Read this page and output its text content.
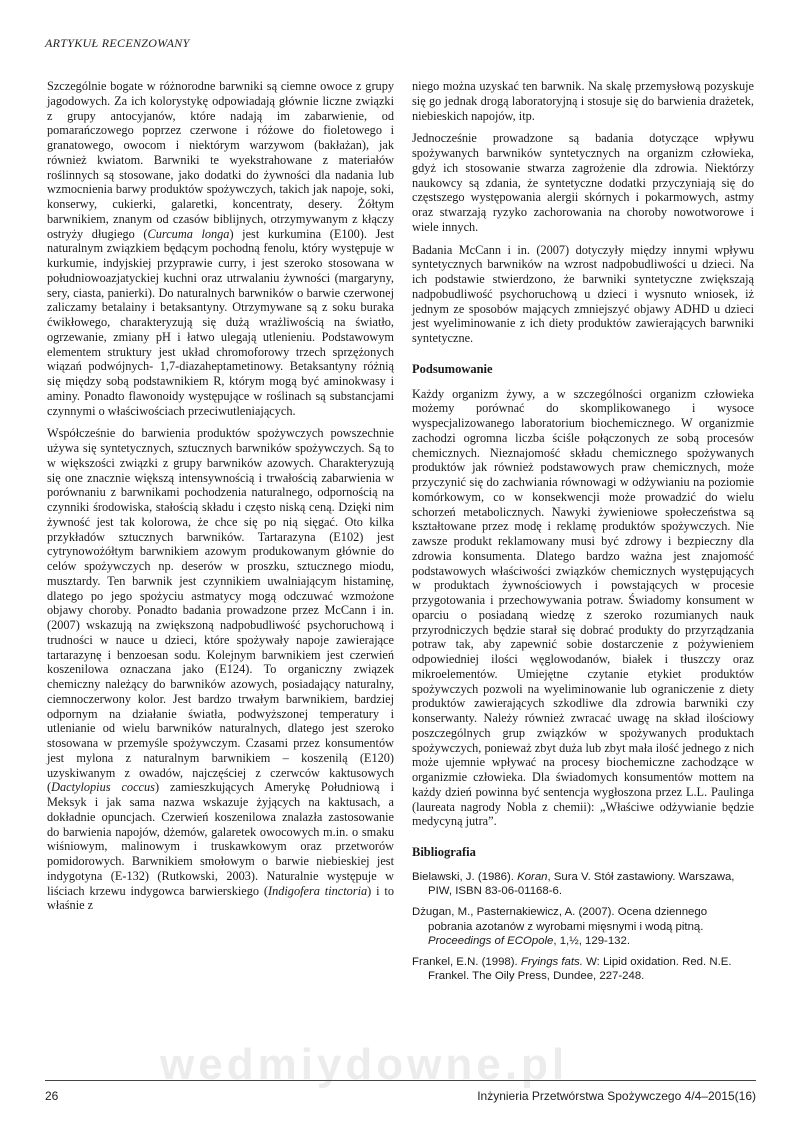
ARTYKUŁ RECENZOWANY

Szczególnie bogate w różnorodne barwniki są ciemne owoce z grupy jagodowych. Za ich kolorystykę odpowiadają głównie liczne związki z grupy antocyjanów, które nadają im zabarwienie, od pomarańczowego poprzez czerwone i różowe do fioletowego i granatowego, owocom i niektórym warzywom (bakłażan), jak również kwiatom. Barwniki te wyekstrahowane z materiałów roślinnych są stosowane, jako dodatki do żywności dla nadania lub wzmocnienia barwy produktów spożywczych, takich jak napoje, soki, konserwy, cukierki, galaretki, koncentraty, desery. Żółtym barwnikiem, znanym od czasów biblijnych, otrzymywanym z kłączy ostryży długiego (Curcuma longa) jest kurkumina (E100). Jest naturalnym związkiem będącym pochodną fenolu, który występuje w kurkumie, indyjskiej przyprawie curry, i jest szeroko stosowana w południowoazjatyckiej kuchni oraz utrwalaniu żywności (margaryny, sery, ciasta, panierki). Do naturalnych barwników o barwie czerwonej zaliczamy betalainy i betaksantyny. Otrzymywane są z soku buraka ćwikłowego, charakteryzują się dużą wrażliwością na światło, ogrzewanie, zmiany pH i łatwo ulegają utlenieniu. Podstawowym elementem struktury jest układ chromoforowy trzech sprzężonych wiązań podwójnych- 1,7-diazaheptametinowy. Betaksantyny różnią się między sobą podstawnikiem R, którym mogą być aminokwasy i aminy. Ponadto flawonoidy występujące w roślinach są substancjami czynnymi o właściwościach przeciwutleniających.

Współcześnie do barwienia produktów spożywczych powszechnie używa się syntetycznych, sztucznych barwników spożywczych. Są to w większości związki z grupy barwników azowych. Charakteryzują się one znacznie większą intensywnością i trwałością zabarwienia w porównaniu z barwnikami pochodzenia naturalnego, odpornością na czynniki środowiska, stałością składu i często niską ceną. Dzięki nim żywność jest tak kolorowa, że chce się po nią sięgać. Oto kilka przykładów sztucznych barwników. Tartarazyna (E102) jest cytrynowożółtym barwnikiem azowym produkowanym głównie do celów spożywczych np. deserów w proszku, sztucznego miodu, musztardy. Ten barwnik jest czynnikiem uwalniającym histaminę, dlatego po jego spożyciu astmatycy mogą odczuwać wzmożone objawy choroby. Ponadto badania prowadzone przez McCann i in. (2007) wskazują na zwiększoną nadpobudliwość psychoruchową i trudności w nauce u dzieci, które spożywały napoje zawierające tartarazynę i benzoesan sodu. Kolejnym barwnikiem jest czerwień koszenilowa oznaczana jako (E124). To organiczny związek chemiczny należący do barwników azowych, posiadający naturalny, ciemnoczerwony kolor. Jest bardzo trwałym barwnikiem, bardziej odpornym na działanie światła, podwyższonej temperatury i utlenianie od wielu barwników naturalnych, dlatego jest szeroko stosowana w przemyśle spożywczym. Czasami przez konsumentów jest mylona z naturalnym barwnikiem – koszenilą (E120) uzyskiwanym z owadów, najczęściej z czerwców kaktusowych (Dactylopius coccus) zamieszkujących Amerykę Południową i Meksyk i jak sama nazwa wskazuje żyjących na kaktusach, a dokładnie opuncjach. Czerwień koszenilowa znalazła zastosowanie do barwienia napojów, dżemów, galaretek owocowych m.in. o smaku wiśniowym, malinowym i truskawkowym oraz przetworów pomidorowych. Barwnikiem smołowym o barwie niebieskiej jest indygotyna (E-132) (Rutkowski, 2003). Naturalnie występuje w liściach krzewu indygowca barwierskiego (Indigofera tinctoria) i to właśnie z

niego można uzyskać ten barwnik. Na skalę przemysłową pozyskuje się go jednak drogą laboratoryjną i stosuje się do barwienia drażetek, niebieskich napojów, itp.

Jednocześnie prowadzone są badania dotyczące wpływu spożywanych barwników syntetycznych na organizm człowieka, gdyż ich stosowanie stwarza zagrożenie dla zdrowia. Niektórzy naukowcy są zdania, że syntetyczne dodatki przyczyniają się do częstszego występowania alergii skórnych i pokarmowych, astmy oraz stwarzają ryzyko zachorowania na choroby nowotworowe i wiele innych.

Badania McCann i in. (2007) dotyczyły między innymi wpływu syntetycznych barwników na wzrost nadpobudliwości u dzieci. Na ich podstawie stwierdzono, że barwniki syntetyczne zwiększają nadpobudliwość psychoruchową u dzieci i wysnuto wniosek, iż jednym ze sposobów mających zmniejszyć objawy ADHD u dzieci jest wyeliminowanie z ich diety produktów zawierających barwniki syntetyczne.

Podsumowanie

Każdy organizm żywy, a w szczególności organizm człowieka możemy porównać do skomplikowanego i wysoce wyspecjalizowanego laboratorium biochemicznego. W organizmie zachodzi ogromna liczba ściśle połączonych ze sobą procesów chemicznych. Nieznajomość składu chemicznego spożywanych produktów jak również podstawowych praw chemicznych, może przyczynić się do zachwiania równowagi w odżywianiu na poziomie komórkowym, co w konsekwencji może prowadzić do wielu schorzeń metabolicznych. Nawyki żywieniowe społeczeństwa są kształtowane przez modę i reklamę produktów spożywczych. Nie zawsze produkt reklamowany musi być zdrowy i bezpieczny dla zdrowia konsumenta. Dlatego bardzo ważna jest znajomość podstawowych właściwości związków chemicznych występujących w produktach żywnościowych i powstających w procesie przygotowania i przechowywania potraw. Świadomy konsument w oparciu o posiadaną wiedzę z szeroko rozumianych nauk przyrodniczych będzie starał się dobrać produkty do przyrządzania potraw tak, aby zapewnić sobie dostarczenie z pożywieniem odpowiedniej ilości węglowodanów, białek i tłuszczy oraz mikroelementów. Umiejętne czytanie etykiet produktów spożywczych pozwoli na wyeliminowanie lub ograniczenie z diety produktów zawierających szkodliwe dla zdrowia barwniki czy konserwanty. Należy również zwracać uwagę na skład ilościowy poszczególnych grup związków w spożywanych produktach spożywczych, ponieważ zbyt duża lub zbyt mała ilość jednego z nich może ujemnie wpływać na procesy biochemiczne zachodzące w organizmie człowieka. Dla świadomych konsumentów mottem na każdy dzień powinna być sentencja wygłoszona przez L.L. Paulinga (laureata nagrody Nobla z chemii): „Właściwe odżywianie będzie medycyną jutra”.

Bibliografia
Bielawski, J. (1986). Koran, Sura V. Stół zastawiony. Warszawa, PIW, ISBN 83-06-01168-6.
Dżugan, M., Pasternakiewicz, A. (2007). Ocena dziennego pobrania azotanów z wyrobami mięsnymi i wodą pitną. Proceedings of ECOpole, 1,½, 129-132.
Frankel, E.N. (1998). Fryings fats. W: Lipid oxidation. Red. N.E. Frankel. The Oily Press, Dundee, 227-248.
wedmiydowne.pl
26	Inżynieria Przetwórstwa Spożywczego 4/4–2015(16)
